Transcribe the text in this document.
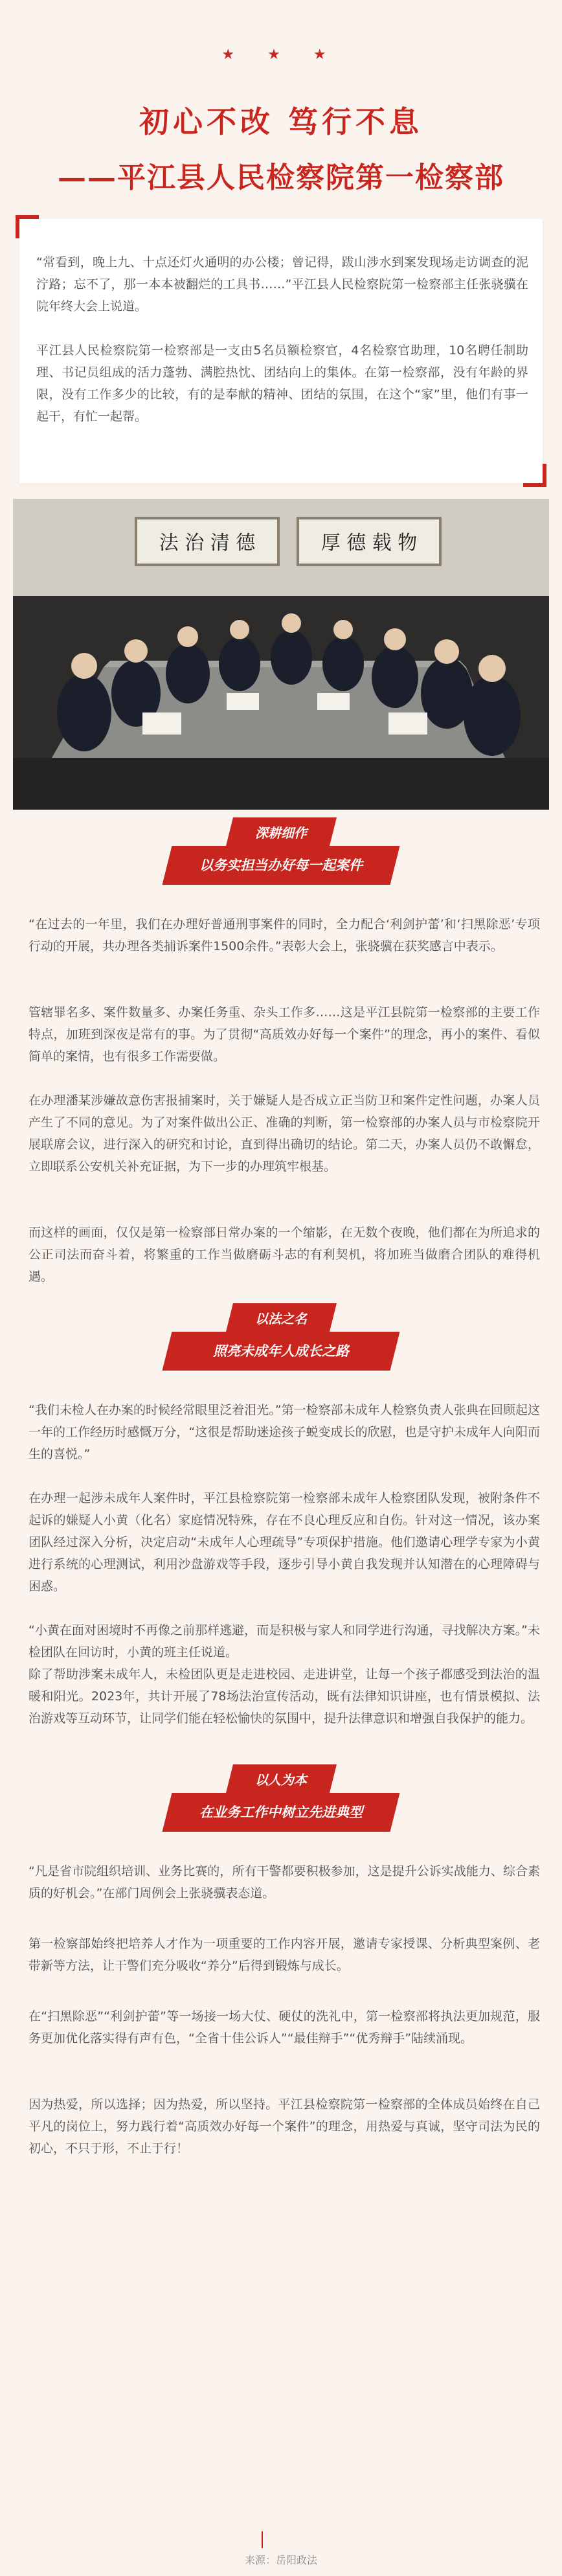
★ ★ ★
初心不改 笃行不息
——平江县人民检察院第一检察部

“常看到，晚上九、十点还灯火通明的办公楼；曾记得，跋山涉水到案发现场走访调查的泥泞路；忘不了，那一本本被翻烂的工具书……”平江县人民检察院第一检察部主任张骁骥在院年终大会上说道。

平江县人民检察院第一检察部是一支由5名员额检察官，4名检察官助理，10名聘任制助理、书记员组成的活力蓬勃、满腔热忱、团结向上的集体。在第一检察部，没有年龄的界限，没有工作多少的比较，有的是奉献的精神、团结的氛围，在这个“家”里，他们有事一起干，有忙一起帮。

法 治 清 德	厚 德 载 物
深耕细作
以务实担当办好每一起案件

“在过去的一年里，我们在办理好普通刑事案件的同时，全力配合‘利剑护蕾’和‘扫黑除恶’专项行动的开展，共办理各类捕诉案件1500余件。”表彰大会上，张骁骥在获奖感言中表示。

管辖罪名多、案件数量多、办案任务重、杂头工作多……这是平江县院第一检察部的主要工作特点，加班到深夜是常有的事。为了贯彻“高质效办好每一个案件”的理念，再小的案件、看似简单的案情，也有很多工作需要做。

在办理潘某涉嫌故意伤害报捕案时，关于嫌疑人是否成立正当防卫和案件定性问题，办案人员产生了不同的意见。为了对案件做出公正、准确的判断，第一检察部的办案人员与市检察院开展联席会议，进行深入的研究和讨论，直到得出确切的结论。第二天，办案人员仍不敢懈怠，立即联系公安机关补充证据，为下一步的办理筑牢根基。

而这样的画面，仅仅是第一检察部日常办案的一个缩影，在无数个夜晚，他们都在为所追求的公正司法而奋斗着，将繁重的工作当做磨砺斗志的有利契机，将加班当做磨合团队的难得机遇。

以法之名
照亮未成年人成长之路

“我们未检人在办案的时候经常眼里泛着泪光。”第一检察部未成年人检察负责人张典在回顾起这一年的工作经历时感慨万分，“这很是帮助迷途孩子蜕变成长的欣慰，也是守护未成年人向阳而生的喜悦。”

在办理一起涉未成年人案件时，平江县检察院第一检察部未成年人检察团队发现，被附条件不起诉的嫌疑人小黄（化名）家庭情况特殊，存在不良心理反应和自伤。针对这一情况，该办案团队经过深入分析，决定启动“未成年人心理疏导”专项保护措施。他们邀请心理学专家为小黄进行系统的心理测试，利用沙盘游戏等手段，逐步引导小黄自我发现并认知潜在的心理障碍与困惑。

“小黄在面对困境时不再像之前那样逃避，而是积极与家人和同学进行沟通，寻找解决方案。”未检团队在回访时，小黄的班主任说道。

除了帮助涉案未成年人，未检团队更是走进校园、走进讲堂，让每一个孩子都感受到法治的温暖和阳光。2023年，共计开展了78场法治宣传活动，既有法律知识讲座，也有情景模拟、法治游戏等互动环节，让同学们能在轻松愉快的氛围中，提升法律意识和增强自我保护的能力。

以人为本
在业务工作中树立先进典型

“凡是省市院组织培训、业务比赛的，所有干警都要积极参加，这是提升公诉实战能力、综合素质的好机会。”在部门周例会上张骁骥表态道。

第一检察部始终把培养人才作为一项重要的工作内容开展，邀请专家授课、分析典型案例、老带新等方法，让干警们充分吸收“养分”后得到锻炼与成长。

在“扫黑除恶”“利剑护蕾”等一场接一场大仗、硬仗的洗礼中，第一检察部将执法更加规范，服务更加优化落实得有声有色，“全省十佳公诉人”“最佳辩手”“优秀辩手”陆续涌现。

因为热爱，所以选择；因为热爱，所以坚持。平江县检察院第一检察部的全体成员始终在自己平凡的岗位上，努力践行着“高质效办好每一个案件”的理念，用热爱与真诚，坚守司法为民的初心，不只于形，不止于行！

来源：岳阳政法
